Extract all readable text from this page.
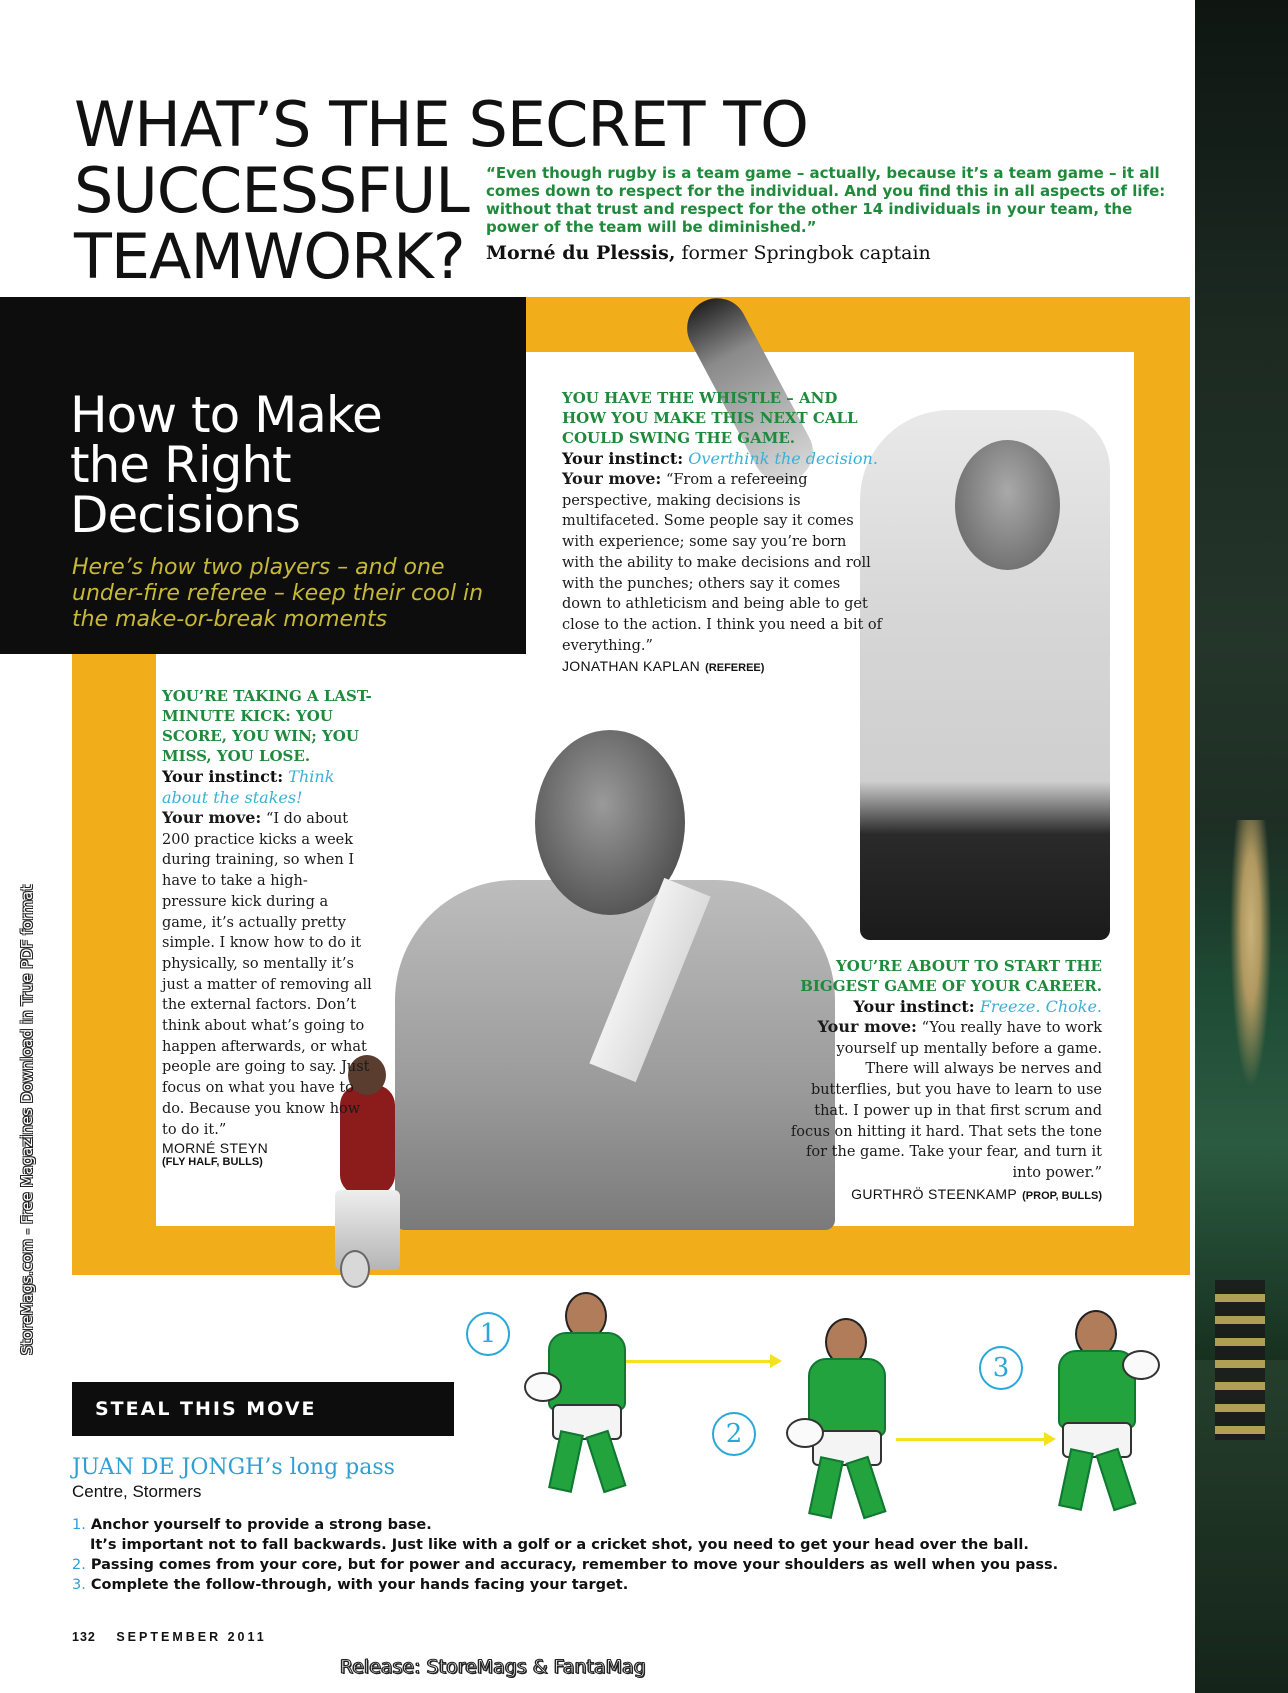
WHAT’S THE SECRET TO SUCCESSFUL
TEAMWORK?
“Even though rugby is a team game – actually, because it’s a team game – it all comes down to respect for the individual. And you find this in all aspects of life: without that trust and respect for the other 14 individuals in your team, the power of the team will be diminished.”
Morné du Plessis, former Springbok captain
How to Make
the Right
Decisions
Here’s how two players – and one under-fire referee – keep their cool in the make-or-break moments
YOU HAVE THE WHISTLE – AND HOW YOU MAKE THIS NEXT CALL COULD SWING THE GAME.
Your instinct: Overthink the decision.
Your move: “From a refereeing perspective, making decisions is multifaceted. Some people say it comes with experience; some say you’re born with the ability to make decisions and roll with the punches; others say it comes down to athleticism and being able to get close to the action. I think you need a bit of everything.”
JONATHAN KAPLAN (REFEREE)
YOU’RE TAKING A LAST-MINUTE KICK: YOU SCORE, YOU WIN; YOU MISS, YOU LOSE.
Your instinct: Think about the stakes!
Your move: “I do about 200 practice kicks a week during training, so when I have to take a high-pressure kick during a game, it’s actually pretty simple. I know how to do it physically, so mentally it’s just a matter of removing all the external factors. Don’t think about what’s going to happen afterwards, or what people are going to say. Just focus on what you have to do. Because you know how to do it.”
MORNÉ STEYN
(FLY HALF, BULLS)
YOU’RE ABOUT TO START THE BIGGEST GAME OF YOUR CAREER.
Your instinct: Freeze. Choke.
Your move: “You really have to work yourself up mentally before a game. There will always be nerves and butterflies, but you have to learn to use that. I power up in that first scrum and focus on hitting it hard. That sets the tone for the game. Take your fear, and turn it into power.”
GURTHRÖ STEENKAMP (PROP, BULLS)
1
2
3
STEAL THIS MOVE
JUAN DE JONGH’s long pass
Centre, Stormers
1. Anchor yourself to provide a strong base.
It’s important not to fall backwards. Just like with a golf or a cricket shot, you need to get your head over the ball.
2. Passing comes from your core, but for power and accuracy, remember to move your shoulders as well when you pass.
3. Complete the follow-through, with your hands facing your target.
132 SEPTEMBER 2011
Release: StoreMags & FantaMag
StoreMags.com - Free Magazines Download in True PDF format
